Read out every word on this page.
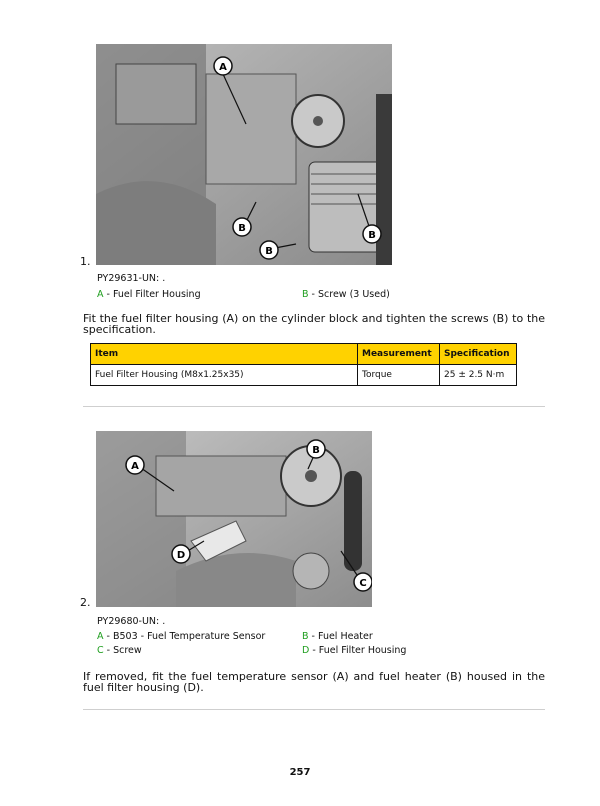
1.
A
B
B
B
PY29631-UN: .
A - Fuel Filter Housing	B - Screw (3 Used)
Fit the fuel filter housing (A) on the cylinder block and tighten the screws (B) to the specification.
Item	Measurement	Specification
Fuel Filter Housing (M8x1.25x35)	Torque	25 ± 2.5 N·m
2.
A
B
C
D
PY29680-UN: .
A - B503 - Fuel Temperature Sensor	B - Fuel Heater
C - Screw	D - Fuel Filter Housing
If removed, fit the fuel temperature sensor (A) and fuel heater (B) housed in the fuel filter housing (D).
257
